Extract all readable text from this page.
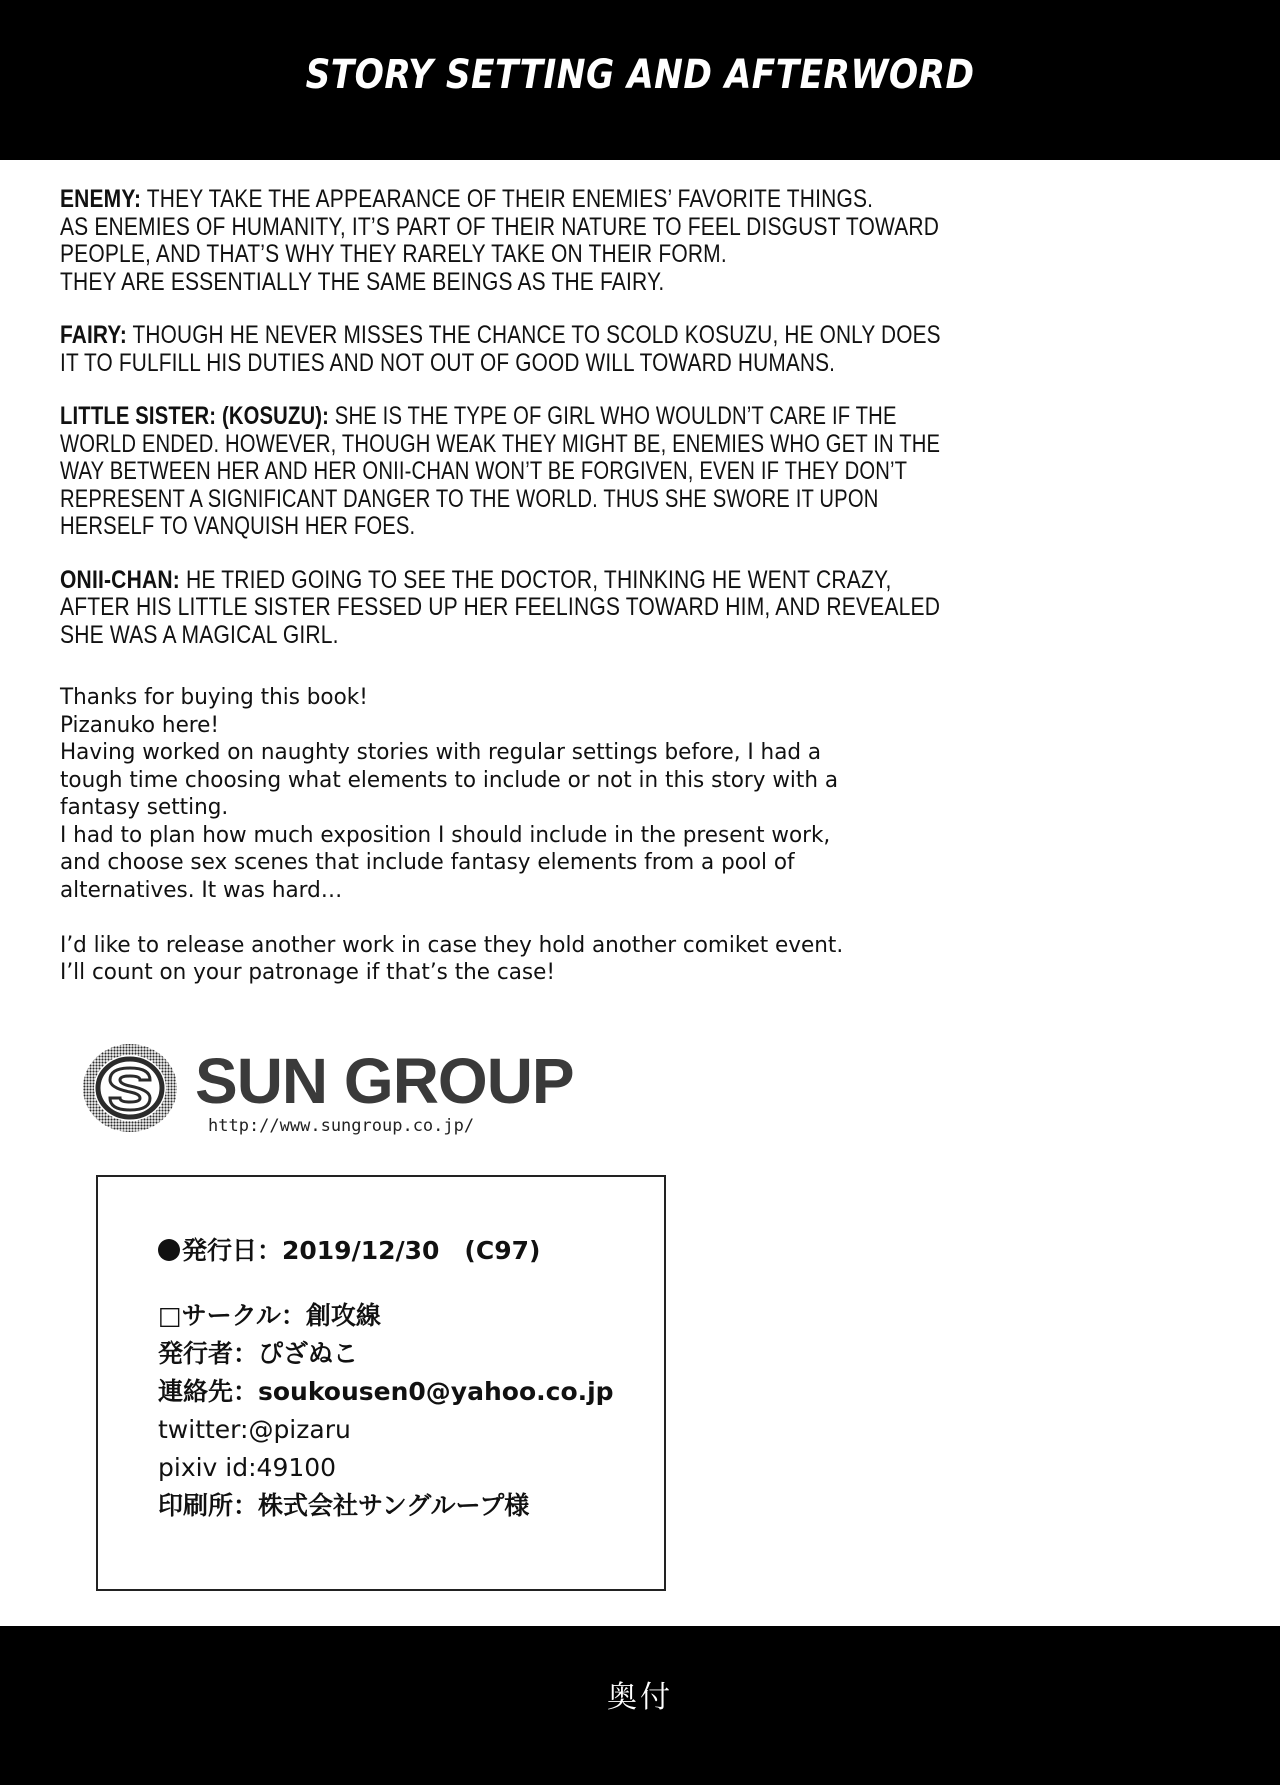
STORY SETTING AND AFTERWORD
ENEMY: THEY TAKE THE APPEARANCE OF THEIR ENEMIES’ FAVORITE THINGS.
AS ENEMIES OF HUMANITY, IT’S PART OF THEIR NATURE TO FEEL DISGUST TOWARD
PEOPLE, AND THAT’S WHY THEY RARELY TAKE ON THEIR FORM.
THEY ARE ESSENTIALLY THE SAME BEINGS AS THE FAIRY.
FAIRY: THOUGH HE NEVER MISSES THE CHANCE TO SCOLD KOSUZU, HE ONLY DOES
IT TO FULFILL HIS DUTIES AND NOT OUT OF GOOD WILL TOWARD HUMANS.
LITTLE SISTER: (KOSUZU): SHE IS THE TYPE OF GIRL WHO WOULDN’T CARE IF THE
WORLD ENDED. HOWEVER, THOUGH WEAK THEY MIGHT BE, ENEMIES WHO GET IN THE
WAY BETWEEN HER AND HER ONII-CHAN WON’T BE FORGIVEN, EVEN IF THEY DON’T
REPRESENT A SIGNIFICANT DANGER TO THE WORLD. THUS SHE SWORE IT UPON
HERSELF TO VANQUISH HER FOES.
ONII-CHAN: HE TRIED GOING TO SEE THE DOCTOR, THINKING HE WENT CRAZY,
AFTER HIS LITTLE SISTER FESSED UP HER FEELINGS TOWARD HIM, AND REVEALED
SHE WAS A MAGICAL GIRL.
Thanks for buying this book!
Pizanuko here!
Having worked on naughty stories with regular settings before, I had a
tough time choosing what elements to include or not in this story with a
fantasy setting.
I had to plan how much exposition I should include in the present work,
and choose sex scenes that include fantasy elements from a pool of
alternatives. It was hard…
I’d like to release another work in case they hold another comiket event.
I’ll count on your patronage if that’s the case!
SUN GROUP
http://www.sungroup.co.jp/
発行日：2019/12/30　(C97)
□サークル：創攻線
発行者：ぴざぬこ
連絡先：soukousen0@yahoo.co.jp
twitter:@pizaru
pixiv id:49100
印刷所：株式会社サングループ様
奥付
